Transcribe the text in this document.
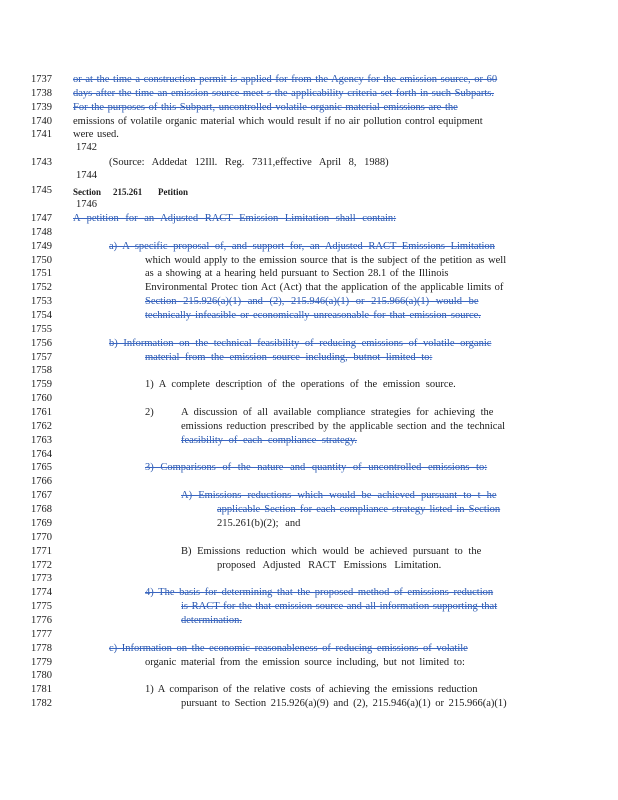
1737
1738
1739
1740
1741
1743
1745
1747
1748
1749
1750
1751
1752
1753
1754
1755
1756
1757
1758
1759
1760
1761
1762
1763
1764
1765
1766
1767
1768
1769
1770
1771
1772
1773
1774
1775
1776
1777
1778
1779
1780
1781
1782
or at the time a construction permit is applied for from the Agency for the emission source, or 60
days after the time an emission source meet s the applicability criteria set forth in such Subparts.
For the purposes of this Subpart, uncontrolled volatile organic material emissions are the
emissions of volatile organic material which would result if no air pollution control equipment
were used.
1742
(Source: Addedat 12Ill. Reg. 7311,effective April 8, 1988)
1744
Section 215.261 Petition
1746
A petition for an Adjusted RACT Emission Limitation shall contain:
a) A specific proposal of, and support for, an Adjusted RACT Emissions Limitation
which would apply to the emission source that is the subject of the petition as well
as a showing at a hearing held pursuant to Section 28.1 of the Illinois
Environmental Protec tion Act (Act) that the application of the applicable limits of
Section 215.926(a)(1) and (2), 215.946(a)(1) or 215.966(a)(1) would be
technically infeasible or economically unreasonable for that emission source.
b) Information on the technical feasibility of reducing emissions of volatile organic
material from the emission source including, butnot limited to:
1) A complete description of the operations of the emission source.
2)	A discussion of all available compliance strategies for achieving the
emissions reduction prescribed by the applicable section and the technical
feasibility of each compliance strategy.
3) Comparisons of the nature and quantity of uncontrolled emissions to:
A) Emissions reductions which would be achieved pursuant to t he
applicable Section for each compliance strategy listed in Section
215.261(b)(2); and
B) Emissions reduction which would be achieved pursuant to the
proposed Adjusted RACT Emissions Limitation.
4) The basis for determining that the proposed method of emissions reduction
is RACT for the that emission source and all information supporting that
determination.
c) Information on the economic reasonableness of reducing emissions of volatile
organic material from the emission source including, but not limited to:
1) A comparison of the relative costs of achieving the emissions reduction
pursuant to Section 215.926(a)(9) and (2), 215.946(a)(1) or 215.966(a)(1)
